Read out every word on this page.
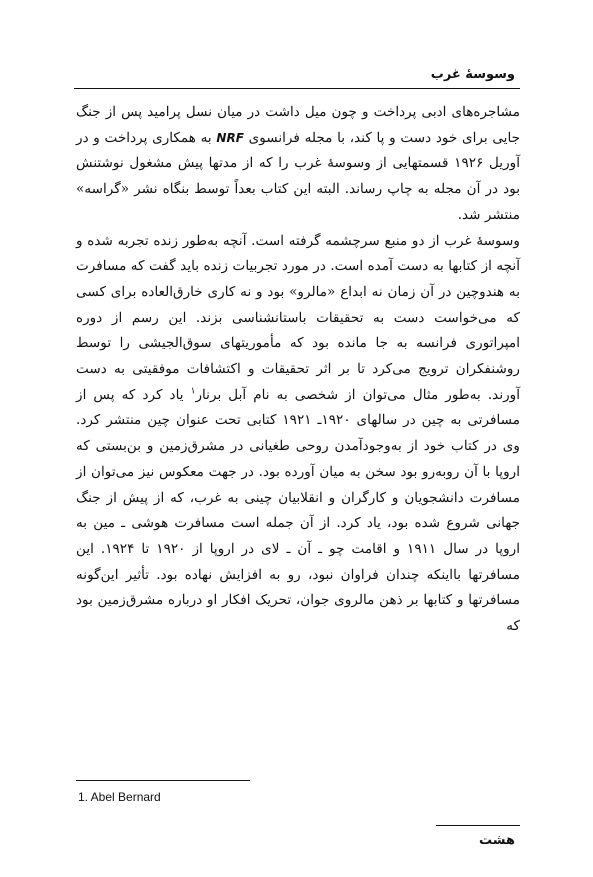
وسوسهٔ غرب

مشاجره‌های ادبی پرداخت و چون میل داشت در میان نسل پرامید پس از جنگ جایی برای خود دست و پا کند، با مجله فرانسوی NRF به همکاری پرداخت و در آوریل ۱۹۲۶ قسمتهایی از وسوسهٔ غرب را که از مدتها پیش مشغول نوشتنش بود در آن مجله به چاپ رساند. البته این کتاب بعداً توسط بنگاه نشر «گراسه» منتشر شد.

وسوسهٔ غرب از دو منبع سرچشمه گرفته است. آنچه به‌طور زنده تجربه شده و آنچه از کتابها به دست آمده است. در مورد تجربیات زنده باید گفت که مسافرت به هندوچین در آن زمان نه ابداع «مالرو» بود و نه کاری خارق‌العاده برای کسی که می‌خواست دست به تحقیقات باستانشناسی بزند. این رسم از دوره امپراتوری فرانسه به جا مانده بود که مأموریتهای سوق‌الجیشی را توسط روشنفکران ترویج می‌کرد تا بر اثر تحقیقات و اکتشافات موفقیتی به دست آورند. به‌طور مثال می‌توان از شخصی به نام آبل برنار$^۱$ یاد کرد که پس از مسافرتی به چین در سالهای ۱۹۲۰ـ ۱۹۲۱ کتابی تحت عنوان چین منتشر کرد. وی در کتاب خود از به‌وجودآمدن روحی طغیانی در مشرق‌زمین و بن‌بستی که اروپا با آن روبه‌رو بود سخن به میان آورده بود. در جهت معکوس نیز می‌توان از مسافرت دانشجویان و کارگران و انقلابیان چینی به غرب، که از پیش از جنگ جهانی شروع شده بود، یاد کرد. از آن جمله است مسافرت هوشی ـ مین به اروپا در سال ۱۹۱۱ و اقامت چو ـ آن ـ لای در اروپا از ۱۹۲۰ تا ۱۹۲۴. این مسافرتها بااینکه چندان فراوان نبود، رو به افزایش نهاده بود. تأثیر این‌گونه مسافرتها و کتابها بر ذهن مالروی جوان، تحریک افکار او درباره مشرق‌زمین بود که

1. Abel Bernard
هشت
